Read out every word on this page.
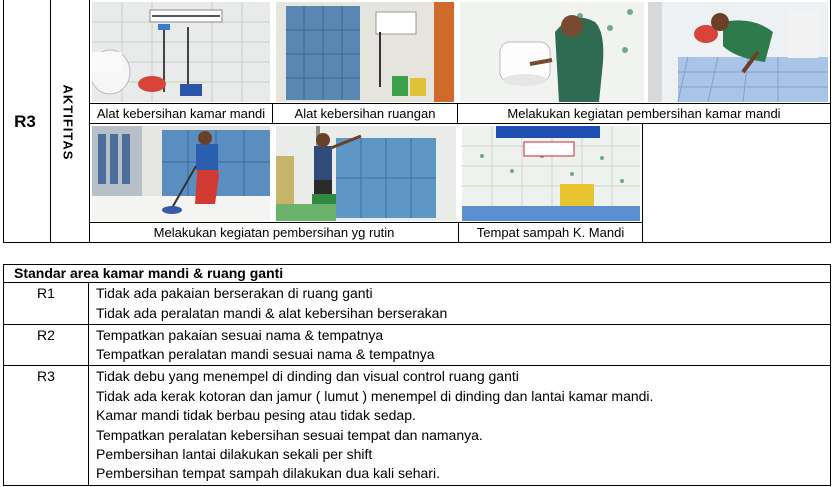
R3	AKTIFITAS	Alat kebersihan kamar mandi	Alat kebersihan ruangan	Melakukan kegiatan pembersihan kamar mandi
Melakukan kegiatan pembersihan yg rutin	Tempat sampah K. Mandi
Standar area kamar mandi & ruang ganti
R1	Tidak ada pakaian berserakan di ruang ganti
Tidak ada peralatan mandi & alat kebersihan berserakan
R2	Tempatkan pakaian sesuai nama & tempatnya
Tempatkan peralatan mandi sesuai nama & tempatnya
R3	Tidak debu yang menempel di dinding dan visual control ruang ganti
Tidak ada kerak kotoran dan jamur ( lumut ) menempel di dinding dan lantai kamar mandi.
Kamar mandi tidak berbau pesing atau tidak sedap.
Tempatkan peralatan kebersihan sesuai tempat dan namanya.
Pembersihan lantai dilakukan sekali per shift
Pembersihan tempat sampah dilakukan dua kali sehari.
